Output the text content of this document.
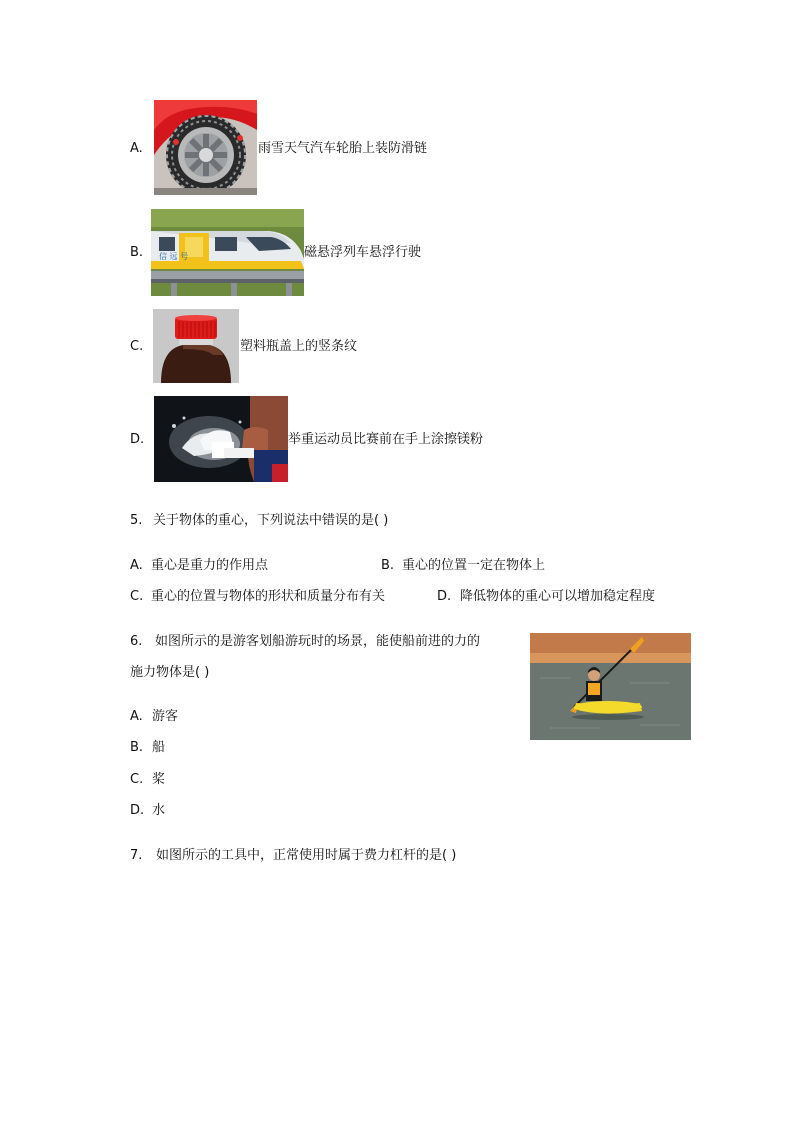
A.	雨雪天气汽车轮胎上装防滑链
B. 信 远 号	磁悬浮列车悬浮行驶
C.	塑料瓶盖上的竖条纹
D.	举重运动员比赛前在手上涂擦镁粉
5. 关于物体的重心，下列说法中错误的是( )
A. 重心是重力的作用点	B. 重心的位置一定在物体上
C. 重心的位置与物体的形状和质量分布有关	D. 降低物体的重心可以增加稳定程度
6. 如图所示的是游客划船游玩时的场景，能使船前进的力的
施力物体是( )
A. 游客
B. 船
C. 桨
D. 水
7. 如图所示的工具中，正常使用时属于费力杠杆的是( )
